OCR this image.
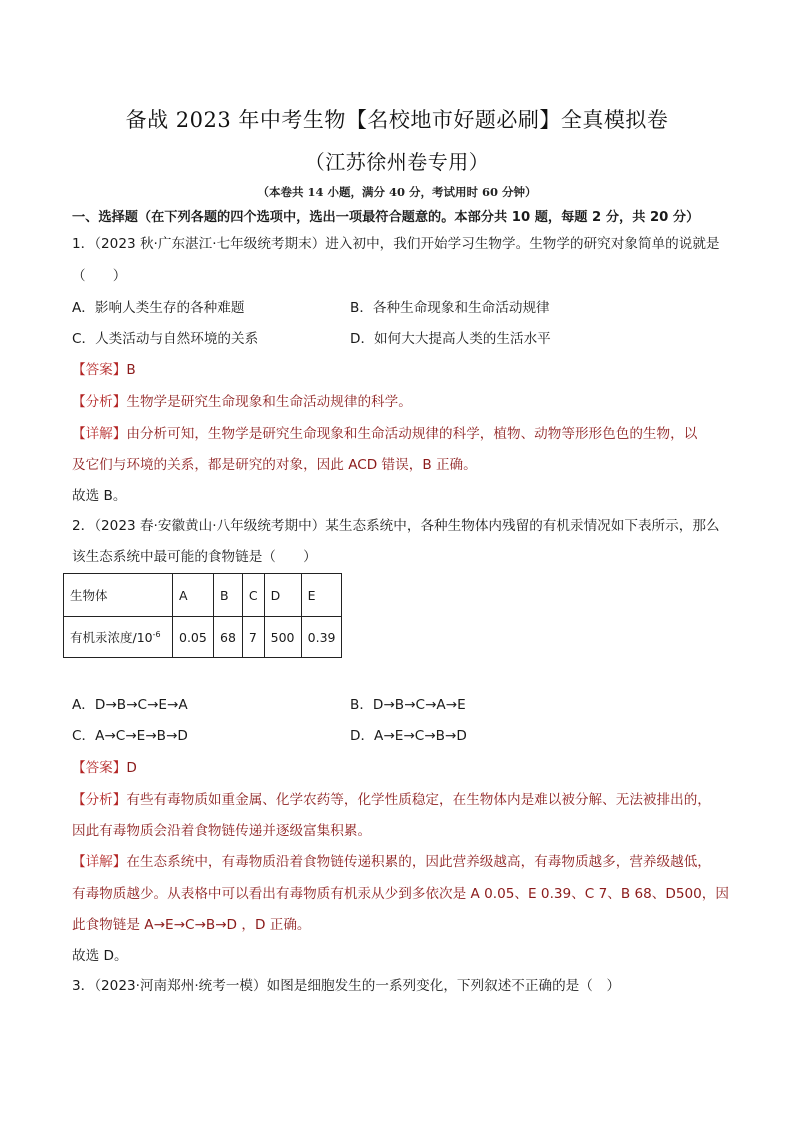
备战 2023 年中考生物【名校地市好题必刷】全真模拟卷
（江苏徐州卷专用）
（本卷共 14 小题，满分 40 分，考试用时 60 分钟）
一、选择题（在下列各题的四个选项中，选出一项最符合题意的。本部分共 10 题，每题 2 分，共 20 分）
1．（2023 秋·广东湛江·七年级统考期末）进入初中，我们开始学习生物学。生物学的研究对象简单的说就是
（　　）
A．影响人类生存的各种难题	B．各种生命现象和生命活动规律
C．人类活动与自然环境的关系	D．如何大大提高人类的生活水平
【答案】B
【分析】生物学是研究生命现象和生命活动规律的科学。
【详解】由分析可知，生物学是研究生命现象和生命活动规律的科学，植物、动物等形形色色的生物，以
及它们与环境的关系，都是研究的对象，因此 ACD 错误，B 正确。
故选 B。
2．（2023 春·安徽黄山·八年级统考期中）某生态系统中，各种生物体内残留的有机汞情况如下表所示，那么
该生态系统中最可能的食物链是（　　）
生物体	A	B	C	D	E
有机汞浓度$/10^{-6}$	0.05	68	7	500	0.39
A．D→B→C→E→A	B．D→B→C→A→E
C．A→C→E→B→D	D．A→E→C→B→D
【答案】D
【分析】有些有毒物质如重金属、化学农药等，化学性质稳定，在生物体内是难以被分解、无法被排出的，
因此有毒物质会沿着食物链传递并逐级富集积累。
【详解】在生态系统中，有毒物质沿着食物链传递积累的，因此营养级越高，有毒物质越多，营养级越低，
有毒物质越少。从表格中可以看出有毒物质有机汞从少到多依次是 A 0.05、E 0.39、C 7、B 68、D500，因
此食物链是 A→E→C→B→D ，D 正确。
故选 D。
3．（2023·河南郑州·统考一模）如图是细胞发生的一系列变化，下列叙述不正确的是（　）
